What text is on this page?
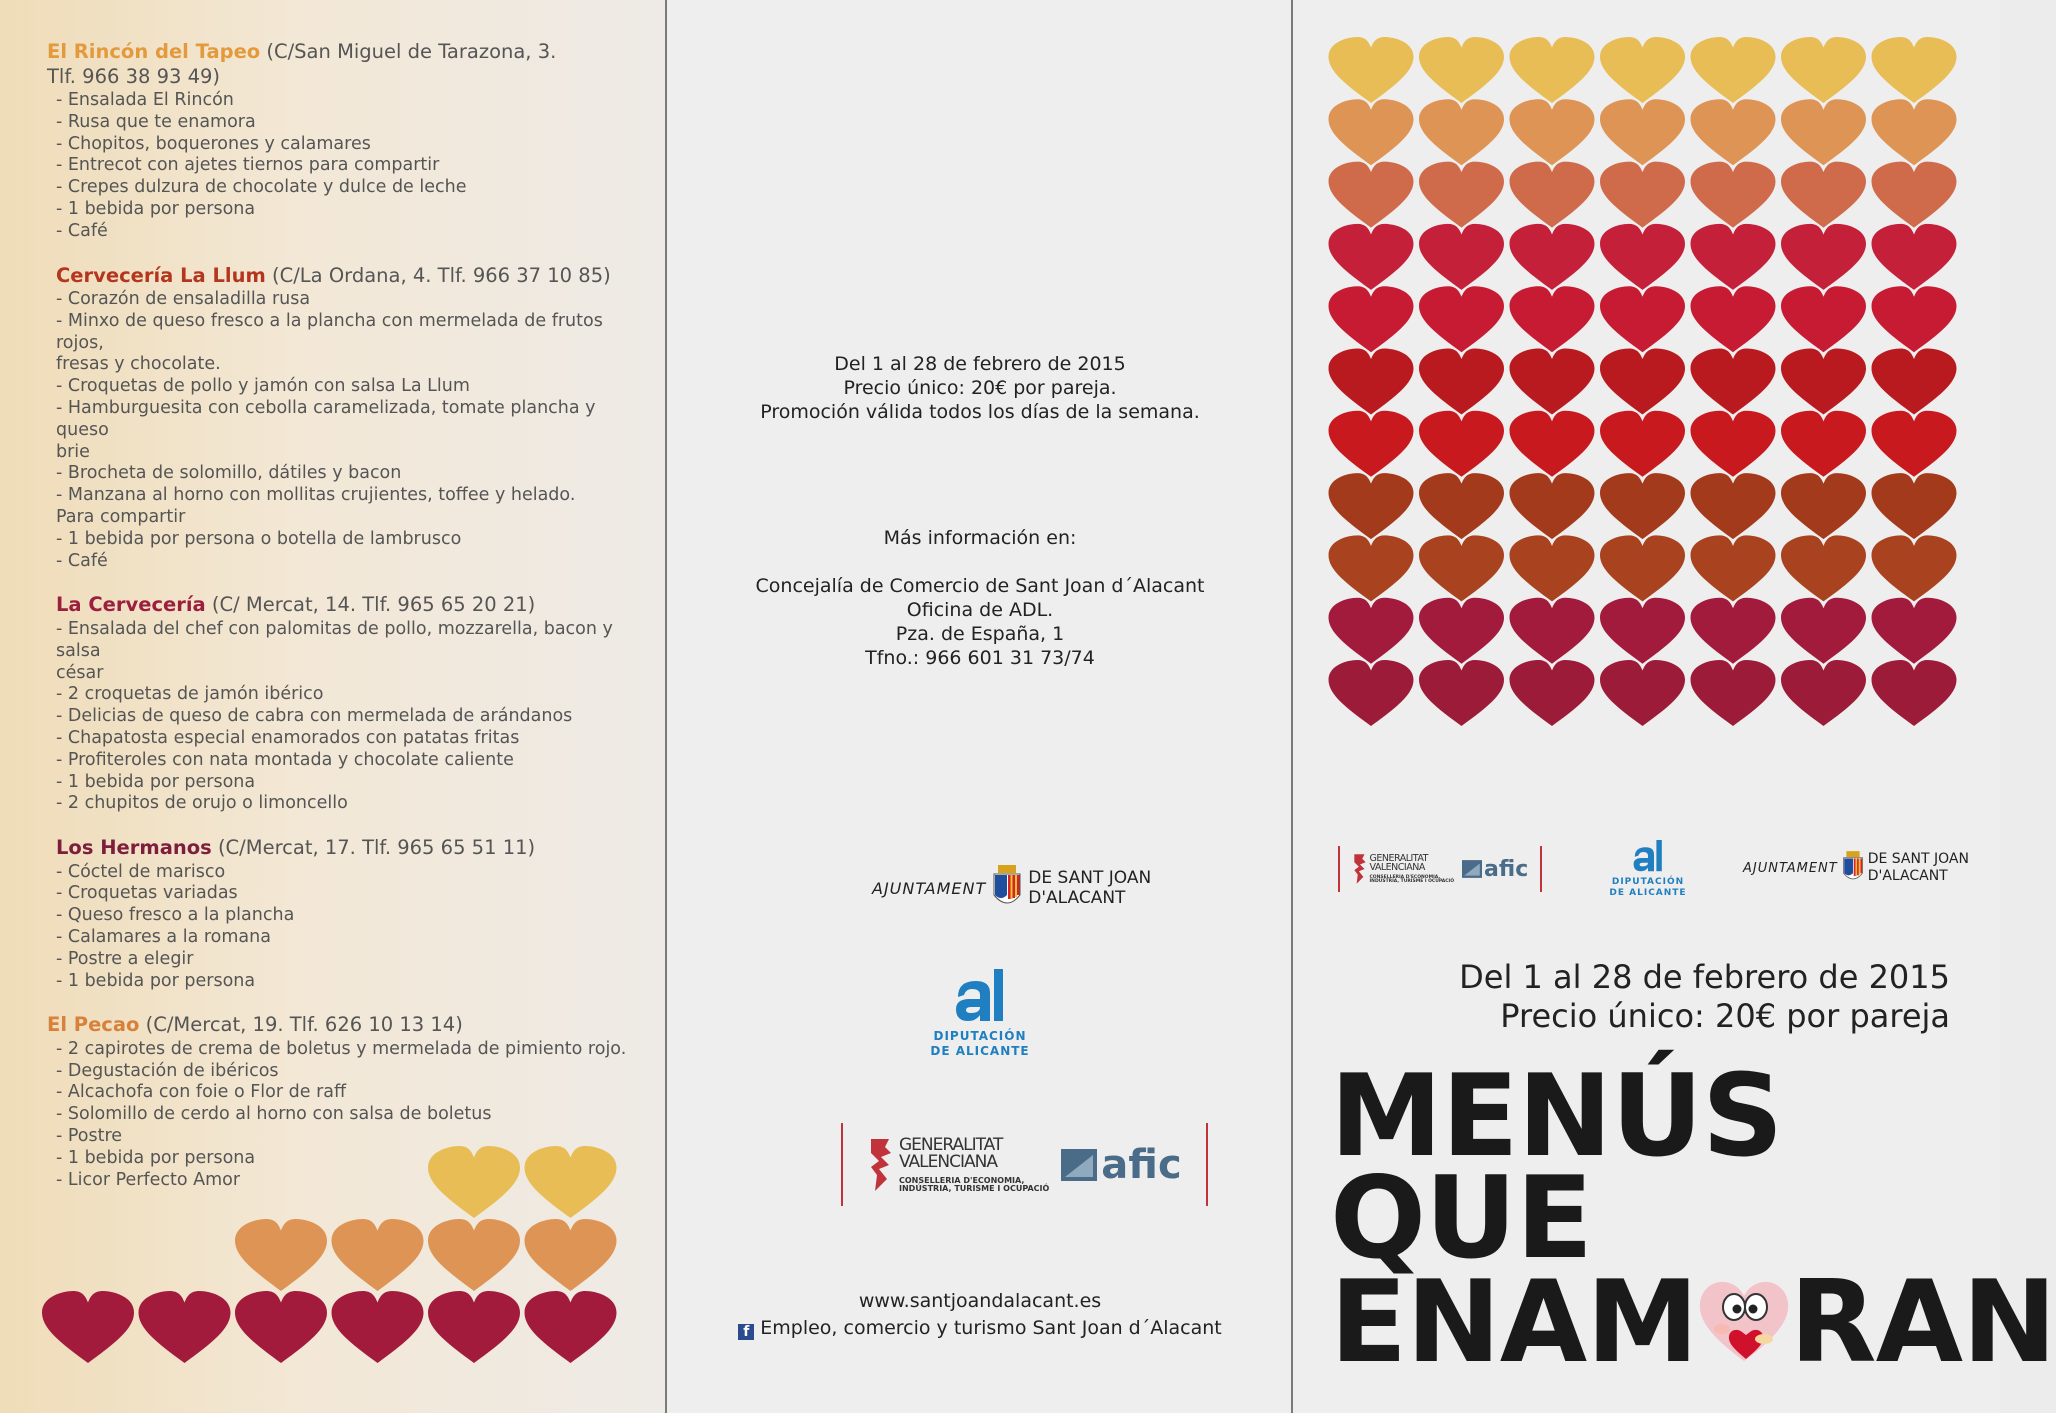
El Rincón del Tapeo (C/San Miguel de Tarazona, 3.
Tlf. 966 38 93 49)
- Ensalada El Rincón
- Rusa que te enamora
- Chopitos, boquerones y calamares
- Entrecot con ajetes tiernos para compartir
- Crepes dulzura de chocolate y dulce de leche
- 1 bebida por persona
- Café
Cervecería La Llum (C/La Ordana, 4. Tlf. 966 37 10 85)
- Corazón de ensaladilla rusa
- Minxo de queso fresco a la plancha con mermelada de frutos rojos,
fresas y chocolate.
- Croquetas de pollo y jamón con salsa La Llum
- Hamburguesita con cebolla caramelizada, tomate plancha y queso
brie
- Brocheta de solomillo, dátiles y bacon
- Manzana al horno con mollitas crujientes, toffee y helado.
Para compartir
- 1 bebida por persona o botella de lambrusco
- Café
La Cervecería (C/ Mercat, 14. Tlf. 965 65 20 21)
- Ensalada del chef con palomitas de pollo, mozzarella, bacon y salsa
césar
- 2 croquetas de jamón ibérico
- Delicias de queso de cabra con mermelada de arándanos
- Chapatosta especial enamorados con patatas fritas
- Profiteroles con nata montada y chocolate caliente
- 1 bebida por persona
- 2 chupitos de orujo o limoncello
Los Hermanos (C/Mercat, 17. Tlf. 965 65 51 11)
- Cóctel de marisco
- Croquetas variadas
- Queso fresco a la plancha
- Calamares a la romana
- Postre a elegir
- 1 bebida por persona
El Pecao (C/Mercat, 19. Tlf. 626 10 13 14)
- 2 capirotes de crema de boletus y mermelada de pimiento rojo.
- Degustación de ibéricos
- Alcachofa con foie o Flor de raff
- Solomillo de cerdo al horno con salsa de boletus
- Postre
- 1 bebida por persona
- Licor Perfecto Amor
Del 1 al 28 de febrero de 2015
Precio único: 20€ por pareja.
Promoción válida todos los días de la semana.
Más información en:
Concejalía de Comercio de Sant Joan d´Alacant
Oficina de ADL.
Pza. de España, 1
Tfno.: 966 601 31 73/74
AJUNTAMENT DE SANT JOAN
D'ALACANT
DIPUTACIÓN
DE ALICANTE
GENERALITAT
VALENCIANA
CONSELLERIA D'ECONOMIA,
INDÚSTRIA, TURISME I OCUPACIÓ
afic
www.santjoandalacant.es
f Empleo, comercio y turismo Sant Joan d´Alacant
GENERALITAT
VALENCIANA
CONSELLERIA D'ECONOMIA,
INDÚSTRIA, TURISME I OCUPACIÓ afic
DIPUTACIÓN
DE ALICANTE
AJUNTAMENT
DE SANT JOAN
D'ALACANT
Del 1 al 28 de febrero de 2015
Precio único: 20€ por pareja
MENÚS
QUE
ENAM RAN
